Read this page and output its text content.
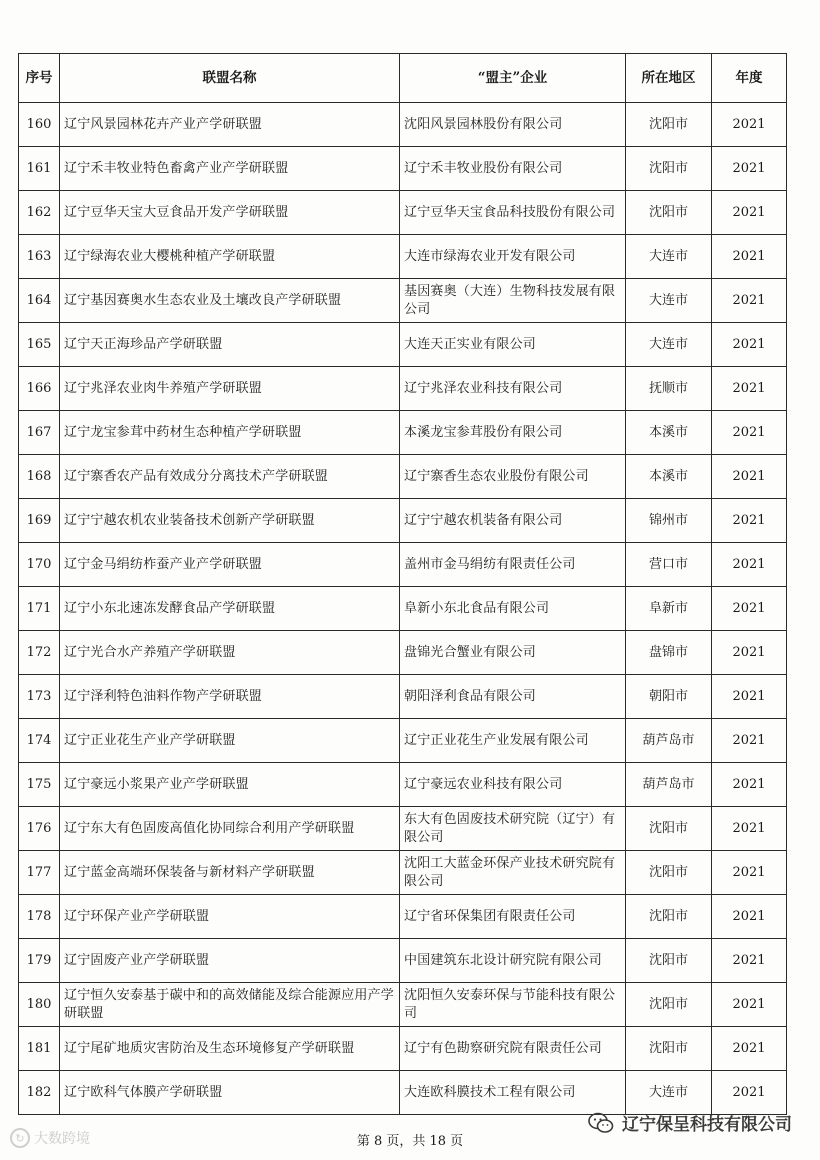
序号	联盟名称	“盟主”企业	所在地区	年度
160	辽宁风景园林花卉产业产学研联盟	沈阳风景园林股份有限公司	沈阳市	2021
161	辽宁禾丰牧业特色畜禽产业产学研联盟	辽宁禾丰牧业股份有限公司	沈阳市	2021
162	辽宁豆华天宝大豆食品开发产学研联盟	辽宁豆华天宝食品科技股份有限公司	沈阳市	2021
163	辽宁绿海农业大樱桃种植产学研联盟	大连市绿海农业开发有限公司	大连市	2021
164	辽宁基因赛奥水生态农业及土壤改良产学研联盟	基因赛奥（大连）生物科技发展有限公司	大连市	2021
165	辽宁天正海珍品产学研联盟	大连天正实业有限公司	大连市	2021
166	辽宁兆泽农业肉牛养殖产学研联盟	辽宁兆泽农业科技有限公司	抚顺市	2021
167	辽宁龙宝参茸中药材生态种植产学研联盟	本溪龙宝参茸股份有限公司	本溪市	2021
168	辽宁寨香农产品有效成分分离技术产学研联盟	辽宁寨香生态农业股份有限公司	本溪市	2021
169	辽宁宁越农机农业装备技术创新产学研联盟	辽宁宁越农机装备有限公司	锦州市	2021
170	辽宁金马绢纺柞蚕产业产学研联盟	盖州市金马绢纺有限责任公司	营口市	2021
171	辽宁小东北速冻发酵食品产学研联盟	阜新小东北食品有限公司	阜新市	2021
172	辽宁光合水产养殖产学研联盟	盘锦光合蟹业有限公司	盘锦市	2021
173	辽宁泽利特色油料作物产学研联盟	朝阳泽利食品有限公司	朝阳市	2021
174	辽宁正业花生产业产学研联盟	辽宁正业花生产业发展有限公司	葫芦岛市	2021
175	辽宁豪远小浆果产业产学研联盟	辽宁豪远农业科技有限公司	葫芦岛市	2021
176	辽宁东大有色固废高值化协同综合利用产学研联盟	东大有色固废技术研究院（辽宁）有限公司	沈阳市	2021
177	辽宁蓝金高端环保装备与新材料产学研联盟	沈阳工大蓝金环保产业技术研究院有限公司	沈阳市	2021
178	辽宁环保产业产学研联盟	辽宁省环保集团有限责任公司	沈阳市	2021
179	辽宁固废产业产学研联盟	中国建筑东北设计研究院有限公司	沈阳市	2021
180	辽宁恒久安泰基于碳中和的高效储能及综合能源应用产学研联盟	沈阳恒久安泰环保与节能科技有限公司	沈阳市	2021
181	辽宁尾矿地质灾害防治及生态环境修复产学研联盟	辽宁有色勘察研究院有限责任公司	沈阳市	2021
182	辽宁欧科气体膜产学研联盟	大连欧科膜技术工程有限公司	大连市	2021
第 8 页，共 18 页
↻ 大数跨境
辽宁保呈科技有限公司
